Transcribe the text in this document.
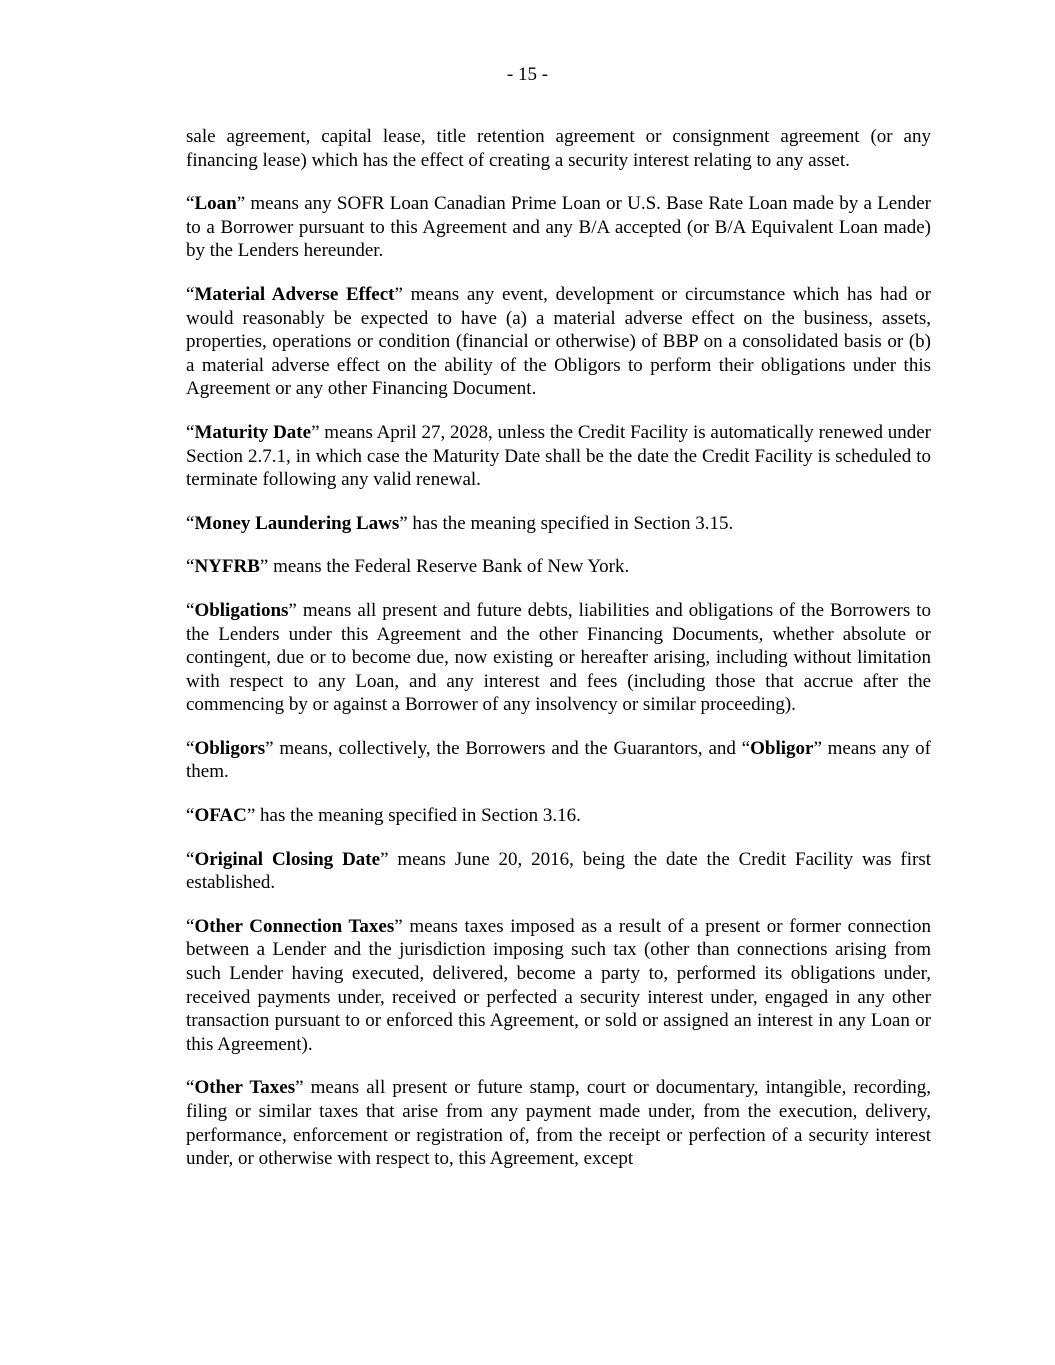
- 15 -

sale agreement, capital lease, title retention agreement or consignment agreement (or any financing lease) which has the effect of creating a security interest relating to any asset.

“Loan” means any SOFR Loan Canadian Prime Loan or U.S. Base Rate Loan made by a Lender to a Borrower pursuant to this Agreement and any B/A accepted (or B/A Equivalent Loan made) by the Lenders hereunder.

“Material Adverse Effect” means any event, development or circumstance which has had or would reasonably be expected to have (a) a material adverse effect on the business, assets, properties, operations or condition (financial or otherwise) of BBP on a consolidated basis or (b) a material adverse effect on the ability of the Obligors to perform their obligations under this Agreement or any other Financing Document.

“Maturity Date” means April 27, 2028, unless the Credit Facility is automatically renewed under Section 2.7.1, in which case the Maturity Date shall be the date the Credit Facility is scheduled to terminate following any valid renewal.

“Money Laundering Laws” has the meaning specified in Section 3.15.

“NYFRB” means the Federal Reserve Bank of New York.

“Obligations” means all present and future debts, liabilities and obligations of the Borrowers to the Lenders under this Agreement and the other Financing Documents, whether absolute or contingent, due or to become due, now existing or hereafter arising, including without limitation with respect to any Loan, and any interest and fees (including those that accrue after the commencing by or against a Borrower of any insolvency or similar proceeding).

“Obligors” means, collectively, the Borrowers and the Guarantors, and “Obligor” means any of them.

“OFAC” has the meaning specified in Section 3.16.

“Original Closing Date” means June 20, 2016, being the date the Credit Facility was first established.

“Other Connection Taxes” means taxes imposed as a result of a present or former connection between a Lender and the jurisdiction imposing such tax (other than connections arising from such Lender having executed, delivered, become a party to, performed its obligations under, received payments under, received or perfected a security interest under, engaged in any other transaction pursuant to or enforced this Agreement, or sold or assigned an interest in any Loan or this Agreement).

“Other Taxes” means all present or future stamp, court or documentary, intangible, recording, filing or similar taxes that arise from any payment made under, from the execution, delivery, performance, enforcement or registration of, from the receipt or perfection of a security interest under, or otherwise with respect to, this Agreement, except
